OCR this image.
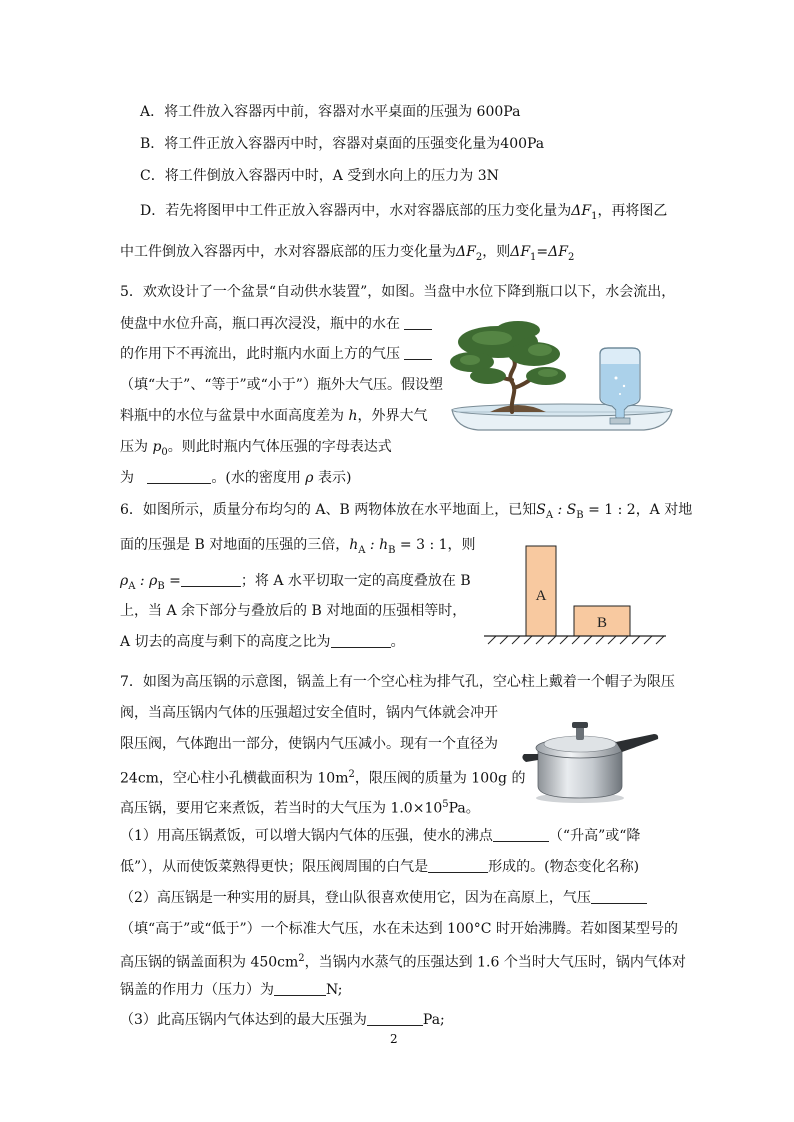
A．将工件放入容器丙中前，容器对水平桌面的压强为 600Pa
B．将工件正放入容器丙中时，容器对桌面的压强变化量为400Pa
C．将工件倒放入容器丙中时，A 受到水向上的压力为 3N
D．若先将图甲中工件正放入容器丙中，水对容器底部的压力变化量为$\Delta F_1$，再将图乙
中工件倒放入容器丙中，水对容器底部的压力变化量为$\Delta F_2$，则$\Delta F_1=\Delta F_2$
5．欢欢设计了一个盆景“自动供水装置”，如图。当盘中水位下降到瓶口以下，水会流出，
使盘中水位升高，瓶口再次浸没，瓶中的水在
的作用下不再流出，此时瓶内水面上方的气压
（填“大于”、“等于”或“小于”）瓶外大气压。假设塑
料瓶中的水位与盆景中水面高度差为 h，外界大气
压为 $p_0$。则此时瓶内气体压强的字母表达式
为	。(水的密度用 ρ 表示)
6．如图所示，质量分布均匀的 A、B 两物体放在水平地面上，已知$S_A$ : $S_B = 1$ : 2，A 对地
面的压强是 B 对地面的压强的三倍，$h_A$ : $h_B = 3$ : 1，则
$\rho_A$ : $\rho_B$ =	；将 A 水平切取一定的高度叠放在 B
上，当 A 余下部分与叠放后的 B 对地面的压强相等时，
A 切去的高度与剩下的高度之比为	。
A
B
7．如图为高压锅的示意图，锅盖上有一个空心柱为排气孔，空心柱上戴着一个帽子为限压
阀，当高压锅内气体的压强超过安全值时，锅内气体就会冲开
限压阀，气体跑出一部分，使锅内气压减小。现有一个直径为
24cm，空心柱小孔横截面积为 $10m^2$，限压阀的质量为 100g 的
高压锅，要用它来煮饭，若当时的大气压为 $1.0\times 10^5Pa$。
（1）用高压锅煮饭，可以增大锅内气体的压强，使水的沸点	（“升高”或“降
低”），从而使饭菜熟得更快；限压阀周围的白气是	形成的。(物态变化名称)
（2）高压锅是一种实用的厨具，登山队很喜欢使用它，因为在高原上，气压
（填“高于”或“低于”）一个标准大气压，水在未达到 100°C 时开始沸腾。若如图某型号的
高压锅的锅盖面积为 $450cm^2$，当锅内水蒸气的压强达到 1.6 个当时大气压时，锅内气体对
锅盖的作用力（压力）为	N;
（3）此高压锅内气体达到的最大压强为	Pa;
2
